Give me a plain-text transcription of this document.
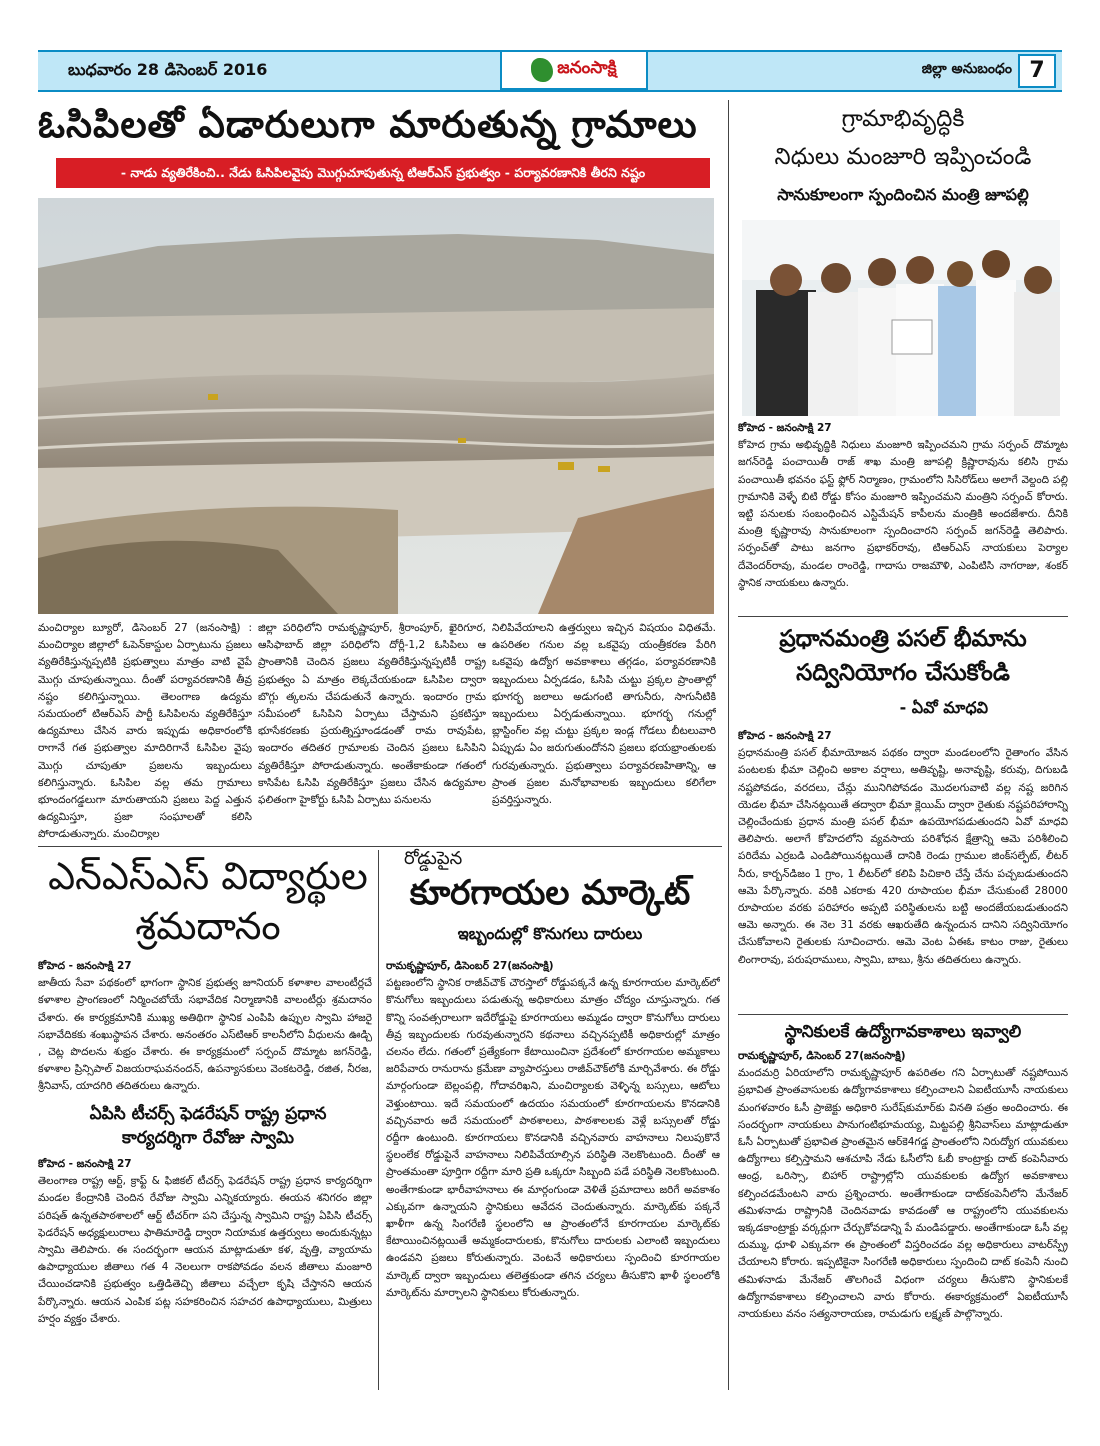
బుధవారం 28 డిసెంబర్ 2016	జనంసాక్షి	జిల్లా అనుబంధం 7
ఓసిపిలతో ఏడారులుగా మారుతున్న గ్రామాలు
- నాడు వ్యతిరేకించి.. నేడు ఓసిపిలవైపు మొగ్గుచూపుతున్న టిఆర్ఎస్ ప్రభుత్వం - పర్యావరణానికి తీరని నష్టం
మంచిర్యాల బ్యూరో, డిసెంబర్ 27 (జనంసాక్షి) : మంచిర్యాల జిల్లాలో ఓపెన్‌కాస్టుల ఏర్పాటును ప్రజలు వ్యతిరేకిస్తున్నప్పటికి ప్రభుత్వాలు మాత్రం వాటి వైపే మొగ్గు చూపుతున్నాయి. దీంతో పర్యావరణానికి తీవ్ర నష్టం కలిగిస్తున్నాయి. తెలంగాణ ఉద్యమ సమయంలో టిఆర్ఎస్ పార్టీ ఓసిపిలను వ్యతిరేకిస్తూ ఉద్యమాలు చేసిన వారు ఇప్పుడు అధికారంలోకి రాగానే గత ప్రభుత్వాల మాదిరిగానే ఓసిపిల వైపు మొగ్గు చూపుతూ ప్రజలను ఇబ్బందులు కలిగిస్తున్నారు. ఓసిపిల వల్ల తమ గ్రామాలు భూందంగడ్డలుగా మారుతాయని ప్రజలు పెద్ద ఎత్తున ఉద్యమిస్తూ, ప్రజా సంఘాలతో కలిసి పోరాడుతున్నారు. మంచిర్యాల
జిల్లా పరిధిలోని రామకృష్ణాపూర్, శ్రీరాంపూర్, ఖైరిగూర, ఆసిఫాబాద్ జిల్లా పరిధిలోని దోర్లీ-1,2 ఓసిపిలు ఆ ప్రాంతానికి చెందిన ప్రజలు వ్యతిరేకిస్తున్నప్పటికీ రాష్ట్ర ప్రభుత్వం ఏ మాత్రం లెక్కచేయకుండా ఓసిపిల ద్వారా బొగ్గు త్కలను చేపడుతునే ఉన్నారు. ఇందారం గ్రామ సమీపంలో ఓసిపిని ఏర్పాటు చేస్తామని ప్రకటిస్తూ భూసేకరణకు ప్రయత్నిస్తూండడంతో రామ రావుపేట, ఇందారం తదితర గ్రామాలకు చెందిన ప్రజలు ఓసిపిని వ్యతిరేకిస్తూ పోరాడుతున్నారు. అంతేకాకుండా గతంలో కాసిపేట ఓసిపి వ్యతిరేకిస్తూ ప్రజలు చేసిన ఉద్యమాల ఫలితంగా హైకోర్టు ఓసిపి ఏర్పాటు పనులను
నిలిపివేయాలని ఉత్తర్వులు ఇచ్చిన విషయం విధితమే. ఉపరితల గనుల వల్ల ఒకవైపు యంత్రీకరణ పేరిగి ఒకవైపు ఉద్యోగ అవకాశాలు తగ్గడం, పర్యావరణానికి ఇబ్బందులు ఏర్పడడం, ఓసిపి చుట్టు ప్రక్కల ప్రాంతాల్లో భూగర్భ జలాలు అడుగంటి తాగునీరు, సాగునీటికి ఇబ్బందులు ఏర్పడుతున్నాయి. భూగర్భ గనుల్లో బ్లాస్టింగ్‌ల వల్ల చుట్టు ప్రక్కల ఇండ్ల గోడలు బీటలువారి ఏప్పుడు ఏం జరుగుతుందోనని ప్రజలు భయభ్రాంతులకు గురవుతున్నారు. ప్రభుత్వాలు పర్యావరణహితాన్ని, ఆ ప్రాంత ప్రజల మనోభావాలకు ఇబ్బందులు కలిగేలా ప్రవర్తిస్తున్నారు.
గ్రామాభివృద్ధికి
నిధులు మంజూరి ఇప్పించండి
సానుకూలంగా స్పందించిన మంత్రి జూపల్లి
కోహెద - జనంసాక్షి 27
కోహెద గ్రామ అభివృద్ధికి నిధులు మంజూరి ఇప్పించమని గ్రామ సర్పంచ్ దొమ్మాట జగన్‌రెడ్డి పంచాయితీ రాజ్ శాఖ మంత్రి జూపల్లి క్రిష్ణారావును కలిసి గ్రామ పంచాయితీ భవనం ఫస్ట్ ఫ్లోర్ నిర్మాణం, గ్రామంలోని సిసిరోడ్‌లు అలాగే వెల్దంది పల్లి గ్రామానికి వెళ్ళే బిటి రోడ్డు కోసం మంజూరి ఇప్పించమని మంత్రిని సర్పంచ్ కోరారు. ఇట్టి పనులకు సంబంధించిన ఎస్టిమేషన్ కాపీలను మంత్రికి అందజేశారు. దీనికి మంత్రి కృష్ణారావు సానుకూలంగా స్పందించారని సర్పంచ్ జగన్‌రెడ్డి తెలిపారు. సర్పంచ్‌తో పాటు జనగాం ప్రభాకర్‌రావు, టిఆర్ఎస్ నాయకులు పెర్యాల దేవెందర్‌రావు, మండల రాంరెడ్డి, గాదాసు రాజమౌళి, ఎంపిటిసి నాగరాజు, శంకర్ స్థానిక నాయకులు ఉన్నారు.
ప్రధానమంత్రి పసల్ భీమాను
సద్వినియోగం చేసుకోండి
- ఏవో మాధవి
కోహెద - జనంసాక్షి 27
ప్రధానమంత్రి పసల్ భీమాయోజన పథకం ద్వారా మండలంలోని రైతాంగం వేసిన పంటలకు భీమా చెల్లించి అకాల వర్షాలు, అతివృష్టి, అనావృష్టి, కరువు, దిగుబడి నష్టపోవడం, వరదలు, చేన్లు మునిగిపోవడం మొదలగువాటి వల్ల నష్ట జరిగిన యెడల భీమా చేసినట్లయితే తద్వారా భీమా క్లెయిమ్ ద్వారా రైతుకు నష్టపరిహారాన్ని చెల్లించేందుకు ప్రధాన మంత్రి పసల్ భీమా ఉపయోగపడుతుందని ఏవో మాధవి తెలిపారు. అలాగే కోహెదలోని వ్యవసాయ పరిశోధన క్షేత్రాన్ని ఆమె పరిశీలించి పరిదేమ ఎర్రబడి ఎండిపోయినట్లయితే దానికి రెండు గ్రాముల జింక్‌సల్ఫేట్, లీటర్ నీరు, కార్బన్‌డిజం 1 గ్రాం, 1 లీటర్‌లో కలిపి పిచికారి చేస్తే చేను పచ్చబడుతుందని ఆమె పేర్కొన్నారు. వరికి ఎకరాకు 420 రూపాయల భీమా చేసుకుంటే 28000 రూపాయల వరకు పరిహారం అప్పటి పరిస్థితులను బట్టి అందజేయబడుతుందని ఆమె అన్నారు. ఈ నెల 31 వరకు ఆఖరుతేది ఉన్నందున దానిని సద్వినియోగం చేసుకోవాలని రైతులకు సూచించారు. ఆమె వెంట ఏఈఓ కాటం రాజు, రైతులు లింగారావు, పరుషరాములు, స్వామి, బాబు, శ్రీను తదితరులు ఉన్నారు.
స్థానికులకే ఉద్యోగావకాశాలు ఇవ్వాలి
రామకృష్ణాపూర్, డిసెంబర్ 27(జనంసాక్షి)
మందమర్రి ఏరియాలోని రామకృష్ణాపూర్ ఉపరితల గని ఏర్పాటుతో నష్టపోయిన ప్రభావిత ప్రాంతవాసులకు ఉద్యోగావకాశాలు కల్పించాలని ఏఐటీయూసీ నాయకులు మంగళవారం ఓసీ ప్రాజెక్టు అధికారి సురేష్‌కుమార్‌కు వినతి పత్రం అందించారు. ఈ సందర్భంగా నాయకులు పానుగంటిభూమయ్య, మిట్టపల్లి శ్రీనివాస్‌లు మాట్లాడుతూ ఓసీ ఏర్పాటుతో ప్రభావిత ప్రాంతమైన ఆర్‌కె4గడ్డ ప్రాంతంలోని నిరుద్యోగ యువకులు ఉద్యోగాలు కల్పిస్తామని ఆశచూపి నేడు ఓసీలోని ఓబీ కాంట్రాక్టు దాట్ కంపెనీవారు ఆంధ్ర, ఒరిస్సా, బిహార్ రాష్ట్రాల్లోని యువకులకు ఉద్యోగ అవకాశాలు కల్పించడమేంటని వారు ప్రశ్నించారు. అంతేగాకుండా దాట్‌కంపెనీలోని మేనేజర్ తమిళనాడు రాష్ట్రానికి చెందినవాడు కావడంతో ఆ రాష్ట్రంలోని యువకులను ఇక్కడకాంట్రాక్టు వర్కర్లుగా చేర్చుకోవడాన్ని పే మండిపడ్డారు. అంతేగాకుండా ఓసీ వల్ల దుమ్ము, ధూళి ఎక్కువగా ఈ ప్రాంతంలో విస్తరించడం వల్ల అధికారులు వాటర్‌స్ప్రే చేయాలని కోరారు. ఇప్పటికైనా సింగరేణి అధికారులు స్పందించి దాట్ కంపెనీ నుంచి తమిళనాడు మేనేజర్ తొలగించే విధంగా చర్యలు తీసుకొని స్థానికులకే ఉద్యోగావకాశాలు కల్పించాలని వారు కోరారు. ఈకార్యక్రమంలో ఏఐటీయూసీ నాయకులు వనం సత్యనారాయణ, రామడుగు లక్ష్మణ్ పాల్గొన్నారు.
ఎన్ఎస్ఎస్ విద్యార్థుల
శ్రమదానం
కోహెద - జనంసాక్షి 27
జాతీయ సేవా పథకంలో భాగంగా స్థానిక ప్రభుత్వ జూనియర్ కళాశాల వాలంటీర్లచే కళాశాల ప్రాంగణంలో నిర్మించబోయే సభావేదిక నిర్మాణానికి వాలంటీర్లు శ్రమదానం చేశారు. ఈ కార్యక్రమానికి ముఖ్య అతిథిగా స్థానిక ఎంపిపి ఉప్పుల స్వామి హాజరై సభావేదికకు శంఖుస్థాపన చేశారు. అనంతరం ఎస్‌టిఆర్ కాలనీలోని వీధులను ఊడ్చి , చెట్ల పొదలను శుభ్రం చేశారు. ఈ కార్యక్రమంలో సర్పంచ్ దొమ్మాట జగన్‌రెడ్డి, కళాశాల ప్రిన్సిపాల్ విజయరాఘవనందన్, ఉపన్యాసకులు వెంకటరెడ్డి, రజిత, నీరజ, శ్రీనివాస్, యాదగిరి తదితరులు ఉన్నారు.
రోడ్డుపైన
కూరగాయల మార్కెట్
ఇబ్బందుల్లో కొనుగలు దారులు
రామకృష్ణాపూర్, డిసెంబర్ 27(జనంసాక్షి)
పట్టణంలోని స్థానిక రాజీవ్‌చౌక్ చౌరస్తాలో రోడ్డుపక్కనే ఉన్న కూరగాయల మార్కెట్‌లో కొనుగోలు ఇబ్బందులు పడుతున్న అధికారులు మాత్రం చోద్యం చూస్తున్నారు. గత కొన్ని సంవత్సరాలుగా ఇదేరోడ్డుపై కూరగాయలు అమ్మడం ద్వారా కొనుగోలు దారులు తీవ్ర ఇబ్బందులకు గురవుతున్నారని కథనాలు వచ్చినప్పటికీ అధికారుల్లో మాత్రం చలనం లేదు. గతంలో ప్రత్యేకంగా కేటాయించినా ప్రదేశంలో కూరగాయల అమ్మకాలు జరిపేవారు రానురాను క్రమేణా వ్యాపారస్తులు రాజీవ్‌చౌక్‌లోకి మార్చివేశారు. ఈ రోడ్డు మార్గంగుండా బెల్లంపల్లి, గోదావరిఖని, మంచిర్యాలకు వెళ్ళిన్న బస్సులు, ఆటోలు వెళ్తుంటాయి. ఇదే సమయంలో ఉదయం సమయంలో కూరగాయలను కొనడానికి వచ్చినవారు అదే సమయంలో పాఠశాలలు, పాఠశాలలకు వెళ్లే బస్సులతో రోడ్డు రద్దీగా ఉంటుంది. కూరగాయలు కొనడానికి వచ్చినవారు వాహనాలు నిలుపుకొనే స్థలంలేక రోడ్డుపైనే వాహనాలు నిలిపివేయాల్సిన పరిస్థితి నెలకొంటుంది. దీంతో ఆ ప్రాంతమంతా పూర్తిగా రద్దీగా మారి ప్రతి ఒక్కరూ సిబ్బంది పడే పరిస్థితి నెలకొంటుంది. అంతేగాకుండా భారీవాహనాలు ఈ మార్గంగుండా వెళితే ప్రమాదాలు జరిగే అవకాశం ఎక్కువగా ఉన్నాయని స్థానికులు ఆవేదన చెందుతున్నారు. మార్కెట్‌కు పక్కనే ఖాళీగా ఉన్న సింగరేణి స్థలంలోని ఆ ప్రాంతంలోనే కూరగాయల మార్కెట్‌కు కేటాయించినట్లయితే అమ్మకందారులకు, కొనుగోలు దారులకు ఎలాంటి ఇబ్బందులు ఉండవని ప్రజలు కోరుతున్నారు. వెంటనే అధికారులు స్పందించి కూరగాయల మార్కెట్ ద్వారా ఇబ్బందులు తలెత్తకుండా తగిన చర్యలు తీసుకొని ఖాళీ స్థలంలోకి మార్కెట్‌ను మార్చాలని స్థానికులు కోరుతున్నారు.
ఏపిసి టీచర్స్ ఫెడరేషన్ రాష్ట్ర ప్రధాన
కార్యదర్శిగా రేవోజు స్వామి
కోహెద - జనంసాక్షి 27
తెలంగాణ రాష్ట్ర ఆర్ట్, క్రాఫ్ట్ & ఫిజికల్ టీచర్స్ ఫెడరేషన్ రాష్ట్ర ప్రధాన కార్యదర్శిగా మండల కేంద్రానికి చెందిన రేవోజు స్వామి ఎన్నికయ్యారు. ఈయన శనిగరం జిల్లా పరిషత్ ఉన్నతపాఠశాలలో ఆర్ట్ టీచర్‌గా పని చేస్తున్న స్వామిని రాష్ట్ర ఏపిసి టీచర్స్ ఫెడరేషన్ అధ్యక్షులురాలు ఫాతిమారెడ్డి ద్వారా నియామక ఉత్తర్వులు అందుకున్నట్లు స్వామి తెలిపారు. ఈ సందర్భంగా ఆయన మాట్లాడుతూ కళ, వృత్తి, వ్యాయామ ఉపాధ్యాయుల జీతాలు గత 4 నెలలుగా రాకపోవడం వలన జీతాలు మంజూరి చేయించడానికి ప్రభుత్వం ఒత్తిడితెచ్చి జీతాలు వచ్చేలా కృషి చేస్తానని ఆయన పేర్కొన్నారు. ఆయన ఎంపిక పట్ల సహకరించిన సహచర ఉపాధ్యాయులు, మిత్రులు హర్షం వ్యక్తం చేశారు.
